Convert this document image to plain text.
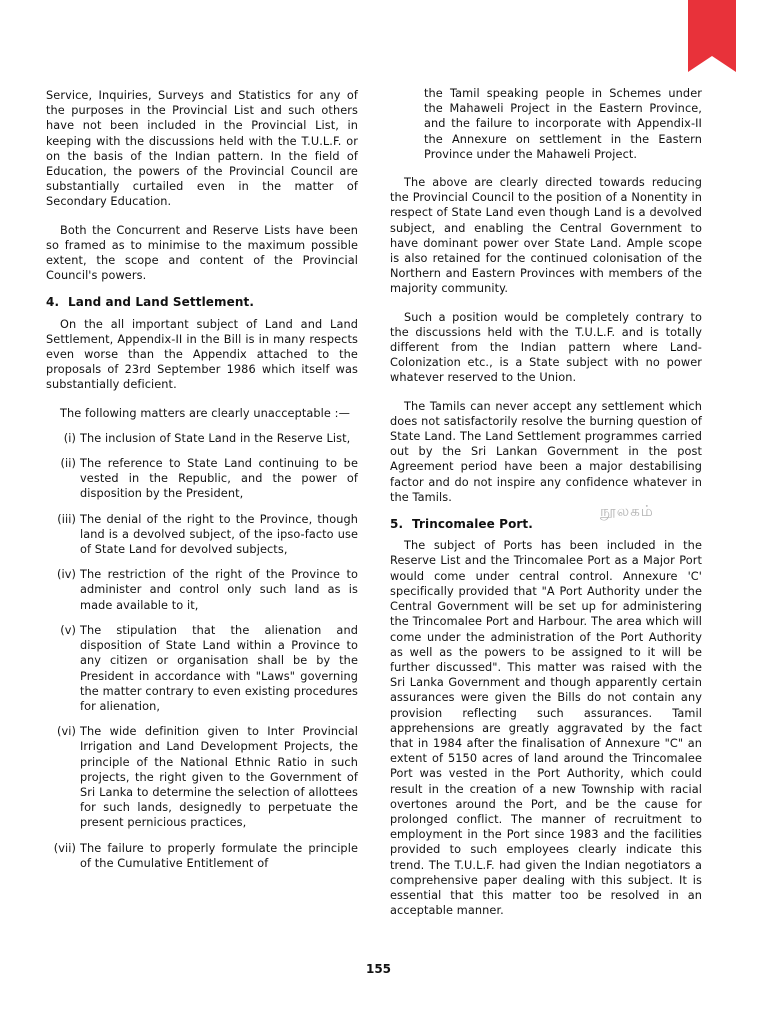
Service, Inquiries, Surveys and Statistics for any of the purposes in the Provincial List and such others have not been included in the Provincial List, in keeping with the discussions held with the T.U.L.F. or on the basis of the Indian pattern. In the field of Education, the powers of the Provincial Council are substantially curtailed even in the matter of Secondary Education.

Both the Concurrent and Reserve Lists have been so framed as to minimise to the maximum possible extent, the scope and content of the Provincial Council's powers.

4. Land and Land Settlement.

On the all important subject of Land and Land Settlement, Appendix-II in the Bill is in many respects even worse than the Appendix attached to the proposals of 23rd September 1986 which itself was substantially deficient.

The following matters are clearly unacceptable :—

(i) The inclusion of State Land in the Reserve List,
(ii) The reference to State Land continuing to be vested in the Republic, and the power of disposition by the President,
(iii) The denial of the right to the Province, though land is a devolved subject, of the ipso-facto use of State Land for devolved subjects,
(iv) The restriction of the right of the Province to administer and control only such land as is made available to it,
(v) The stipulation that the alienation and disposition of State Land within a Province to any citizen or organisation shall be by the President in accordance with "Laws" governing the matter contrary to even existing procedures for alienation,
(vi) The wide definition given to Inter Provincial Irrigation and Land Development Projects, the principle of the National Ethnic Ratio in such projects, the right given to the Government of Sri Lanka to determine the selection of allottees for such lands, designedly to perpetuate the present pernicious practices,
(vii) The failure to properly formulate the principle of the Cumulative Entitlement of
the Tamil speaking people in Schemes under the Mahaweli Project in the Eastern Province, and the failure to incorporate with Appendix-II the Annexure on settlement in the Eastern Province under the Mahaweli Project.

The above are clearly directed towards reducing the Provincial Council to the position of a Nonentity in respect of State Land even though Land is a devolved subject, and enabling the Central Government to have dominant power over State Land. Ample scope is also retained for the continued colonisation of the Northern and Eastern Provinces with members of the majority community.

Such a position would be completely contrary to the discussions held with the T.U.L.F. and is totally different from the Indian pattern where Land-Colonization etc., is a State subject with no power whatever reserved to the Union.

The Tamils can never accept any settlement which does not satisfactorily resolve the burning question of State Land. The Land Settlement programmes carried out by the Sri Lankan Government in the post Agreement period have been a major destabilising factor and do not inspire any confidence whatever in the Tamils.

5. Trincomalee Port.

The subject of Ports has been included in the Reserve List and the Trincomalee Port as a Major Port would come under central control. Annexure 'C' specifically provided that "A Port Authority under the Central Government will be set up for administering the Trincomalee Port and Harbour. The area which will come under the administration of the Port Authority as well as the powers to be assigned to it will be further discussed". This matter was raised with the Sri Lanka Government and though apparently certain assurances were given the Bills do not contain any provision reflecting such assurances. Tamil apprehensions are greatly aggravated by the fact that in 1984 after the finalisation of Annexure "C" an extent of 5150 acres of land around the Trincomalee Port was vested in the Port Authority, which could result in the creation of a new Township with racial overtones around the Port, and be the cause for prolonged conflict. The manner of recruitment to employment in the Port since 1983 and the facilities provided to such employees clearly indicate this trend. The T.U.L.F. had given the Indian negotiators a comprehensive paper dealing with this subject. It is essential that this matter too be resolved in an acceptable manner.

நூலகம்
155
